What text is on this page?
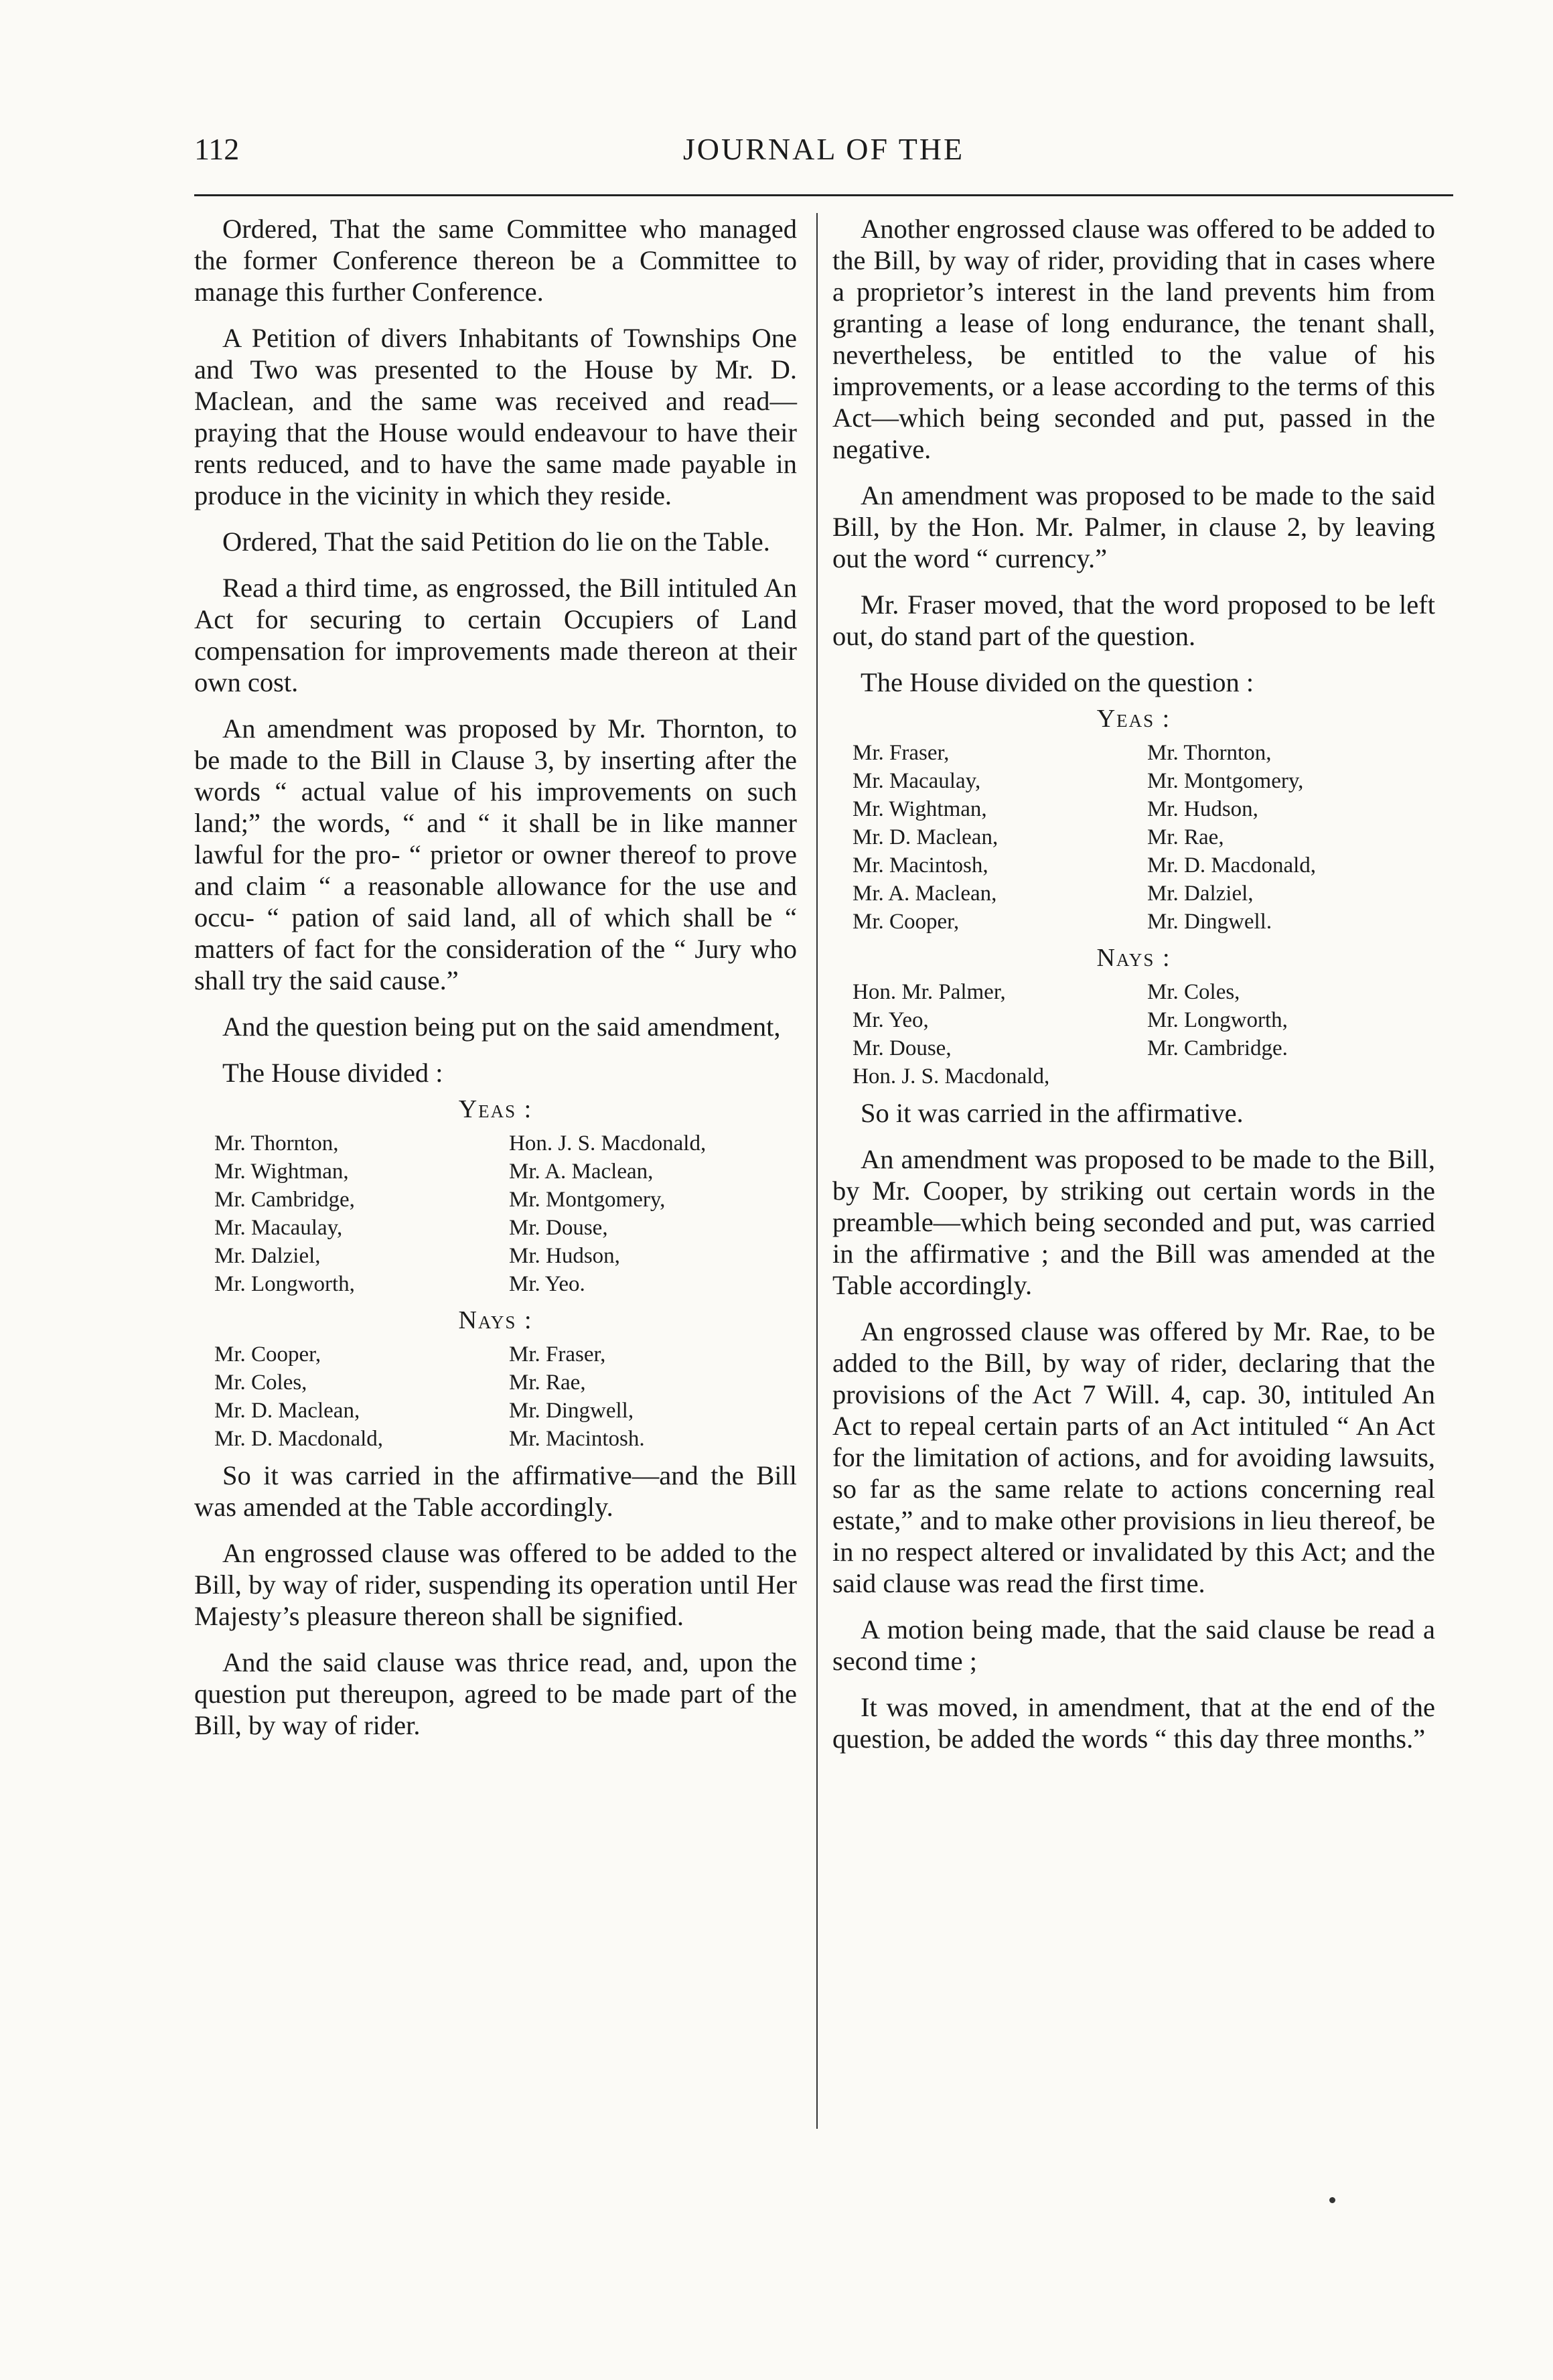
112	JOURNAL OF THE

Ordered, That the same Committee who managed the former Conference thereon be a Committee to manage this further Conference.

A Petition of divers Inhabitants of Townships One and Two was presented to the House by Mr. D. Maclean, and the same was received and read—praying that the House would endeavour to have their rents reduced, and to have the same made payable in produce in the vicinity in which they reside.

Ordered, That the said Petition do lie on the Table.

Read a third time, as engrossed, the Bill intituled An Act for securing to certain Occupiers of Land compensation for improvements made thereon at their own cost.

An amendment was proposed by Mr. Thornton, to be made to the Bill in Clause 3, by inserting after the words “ actual value of his improvements on such land;” the words, “ and “ it shall be in like manner lawful for the pro- “ prietor or owner thereof to prove and claim “ a reasonable allowance for the use and occu- “ pation of said land, all of which shall be “ matters of fact for the consideration of the “ Jury who shall try the said cause.”

And the question being put on the said amendment,

The House divided :
Yeas :
Mr. Thornton,	Hon. J. S. Macdonald,
Mr. Wightman,	Mr. A. Maclean,
Mr. Cambridge,	Mr. Montgomery,
Mr. Macaulay,	Mr. Douse,
Mr. Dalziel,	Mr. Hudson,
Mr. Longworth,	Mr. Yeo.
Nays :
Mr. Cooper,	Mr. Fraser,
Mr. Coles,	Mr. Rae,
Mr. D. Maclean,	Mr. Dingwell,
Mr. D. Macdonald,	Mr. Macintosh.

So it was carried in the affirmative—and the Bill was amended at the Table accordingly.

An engrossed clause was offered to be added to the Bill, by way of rider, suspending its operation until Her Majesty’s pleasure thereon shall be signified.

And the said clause was thrice read, and, upon the question put thereupon, agreed to be made part of the Bill, by way of rider.

Another engrossed clause was offered to be added to the Bill, by way of rider, providing that in cases where a proprietor’s interest in the land prevents him from granting a lease of long endurance, the tenant shall, nevertheless, be entitled to the value of his improvements, or a lease according to the terms of this Act—which being seconded and put, passed in the negative.

An amendment was proposed to be made to the said Bill, by the Hon. Mr. Palmer, in clause 2, by leaving out the word “ currency.”

Mr. Fraser moved, that the word proposed to be left out, do stand part of the question.

The House divided on the question :
Yeas :
Mr. Fraser,	Mr. Thornton,
Mr. Macaulay,	Mr. Montgomery,
Mr. Wightman,	Mr. Hudson,
Mr. D. Maclean,	Mr. Rae,
Mr. Macintosh,	Mr. D. Macdonald,
Mr. A. Maclean,	Mr. Dalziel,
Mr. Cooper,	Mr. Dingwell.
Nays :
Hon. Mr. Palmer,	Mr. Coles,
Mr. Yeo,	Mr. Longworth,
Mr. Douse,	Mr. Cambridge.
Hon. J. S. Macdonald,

So it was carried in the affirmative.

An amendment was proposed to be made to the Bill, by Mr. Cooper, by striking out certain words in the preamble—which being seconded and put, was carried in the affirmative ; and the Bill was amended at the Table accordingly.

An engrossed clause was offered by Mr. Rae, to be added to the Bill, by way of rider, declaring that the provisions of the Act 7 Will. 4, cap. 30, intituled An Act to repeal certain parts of an Act intituled “ An Act for the limitation of actions, and for avoiding lawsuits, so far as the same relate to actions concerning real estate,” and to make other provisions in lieu thereof, be in no respect altered or invalidated by this Act; and the said clause was read the first time.

A motion being made, that the said clause be read a second time ;

It was moved, in amendment, that at the end of the question, be added the words “ this day three months.”
